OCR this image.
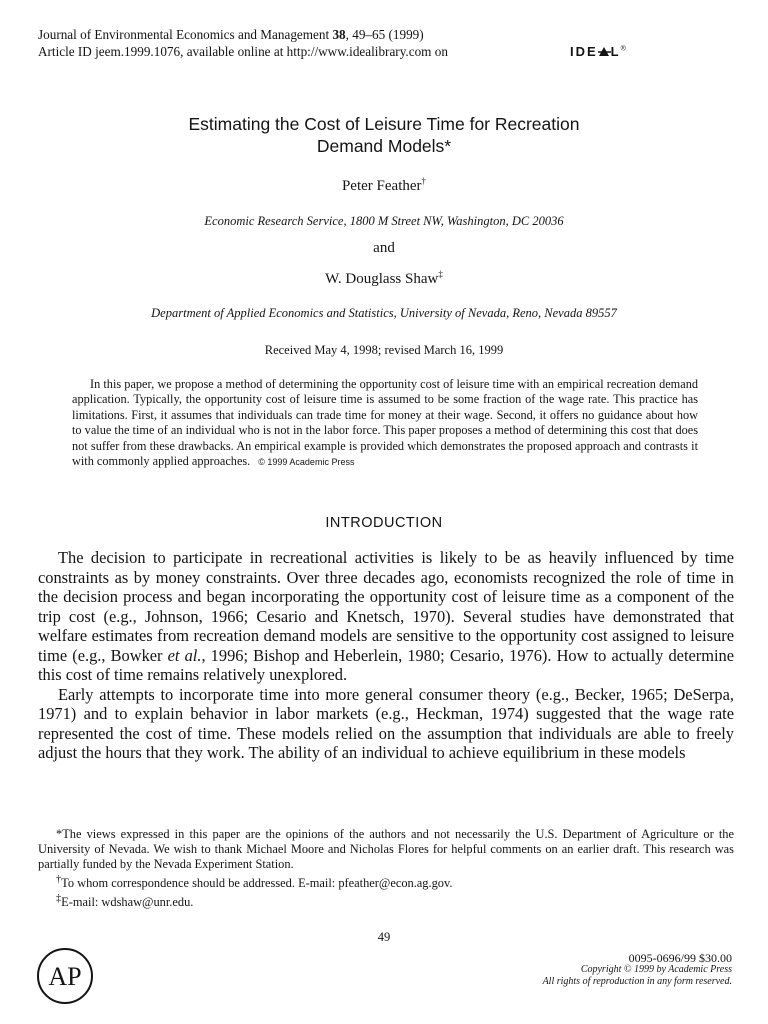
Journal of Environmental Economics and Management 38, 49–65 (1999)
Article ID jeem.1999.1076, available online at http://www.idealibrary.com on	IDE L®
Estimating the Cost of Leisure Time for Recreation
Demand Models*
Peter Feather†
Economic Research Service, 1800 M Street NW, Washington, DC 20036
and
W. Douglass Shaw‡
Department of Applied Economics and Statistics, University of Nevada, Reno, Nevada 89557
Received May 4, 1998; revised March 16, 1999
In this paper, we propose a method of determining the opportunity cost of leisure time with an empirical recreation demand application. Typically, the opportunity cost of leisure time is assumed to be some fraction of the wage rate. This practice has limitations. First, it assumes that individuals can trade time for money at their wage. Second, it offers no guidance about how to value the time of an individual who is not in the labor force. This paper proposes a method of determining this cost that does not suffer from these drawbacks. An empirical example is provided which demonstrates the proposed approach and contrasts it with commonly applied approaches. © 1999 Academic Press
INTRODUCTION

The decision to participate in recreational activities is likely to be as heavily influenced by time constraints as by money constraints. Over three decades ago, economists recognized the role of time in the decision process and began incorporating the opportunity cost of leisure time as a component of the trip cost (e.g., Johnson, 1966; Cesario and Knetsch, 1970). Several studies have demonstrated that welfare estimates from recreation demand models are sensitive to the opportunity cost assigned to leisure time (e.g., Bowker et al., 1996; Bishop and Heberlein, 1980; Cesario, 1976). How to actually determine this cost of time remains relatively unexplored.

Early attempts to incorporate time into more general consumer theory (e.g., Becker, 1965; DeSerpa, 1971) and to explain behavior in labor markets (e.g., Heckman, 1974) suggested that the wage rate represented the cost of time. These models relied on the assumption that individuals are able to freely adjust the hours that they work. The ability of an individual to achieve equilibrium in these models

*The views expressed in this paper are the opinions of the authors and not necessarily the U.S. Department of Agriculture or the University of Nevada. We wish to thank Michael Moore and Nicholas Flores for helpful comments on an earlier draft. This research was partially funded by the Nevada Experiment Station.

†To whom correspondence should be addressed. E-mail: pfeather@econ.ag.gov.

‡E-mail: wdshaw@unr.edu.

49
AP
0095-0696/99 $30.00
Copyright © 1999 by Academic Press
All rights of reproduction in any form reserved.
